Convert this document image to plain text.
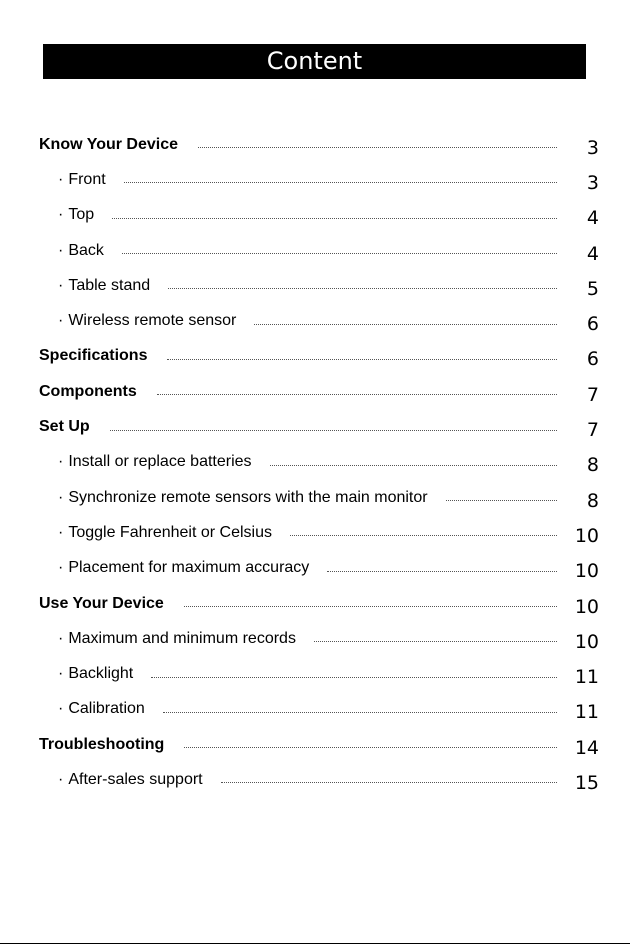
Content
Know Your Device	3
· Front	3
· Top	4
· Back	4
· Table stand	5
· Wireless remote sensor	6
Specifications	6
Components	7
Set Up	7
· Install or replace batteries	8
· Synchronize remote sensors with the main monitor	8
· Toggle Fahrenheit or Celsius	10
· Placement for maximum accuracy	10
Use Your Device	10
· Maximum and minimum records	10
· Backlight	11
· Calibration	11
Troubleshooting	14
· After-sales support	15
